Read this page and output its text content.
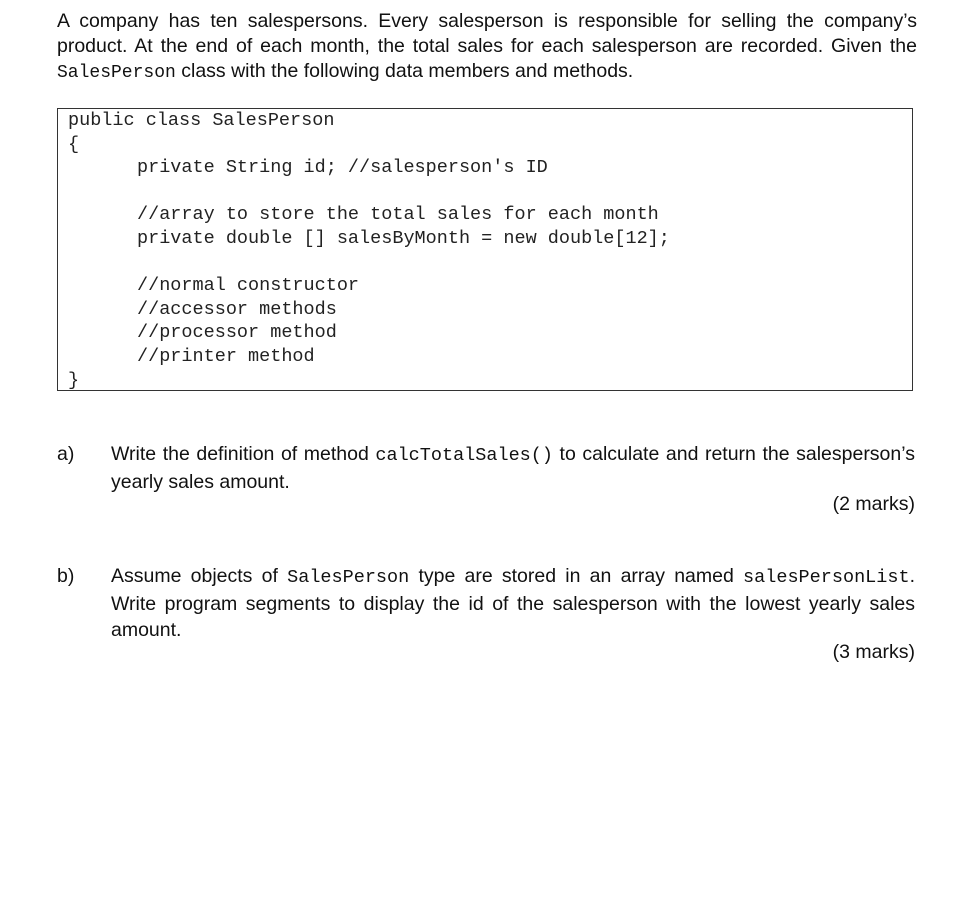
A company has ten salespersons. Every salesperson is responsible for selling the company’s product. At the end of each month, the total sales for each salesperson are recorded. Given the SalesPerson class with the following data members and methods.
public class SalesPerson
{
private String id; //salesperson's ID
//array to store the total sales for each month
private double [] salesByMonth = new double[12];
//normal constructor
//accessor methods
//processor method
//printer method
}
a) Write the definition of method calcTotalSales() to calculate and return the salesperson’s yearly sales amount.
(2 marks)
b) Assume objects of SalesPerson type are stored in an array named salesPersonList. Write program segments to display the id of the salesperson with the lowest yearly sales amount.
(3 marks)
